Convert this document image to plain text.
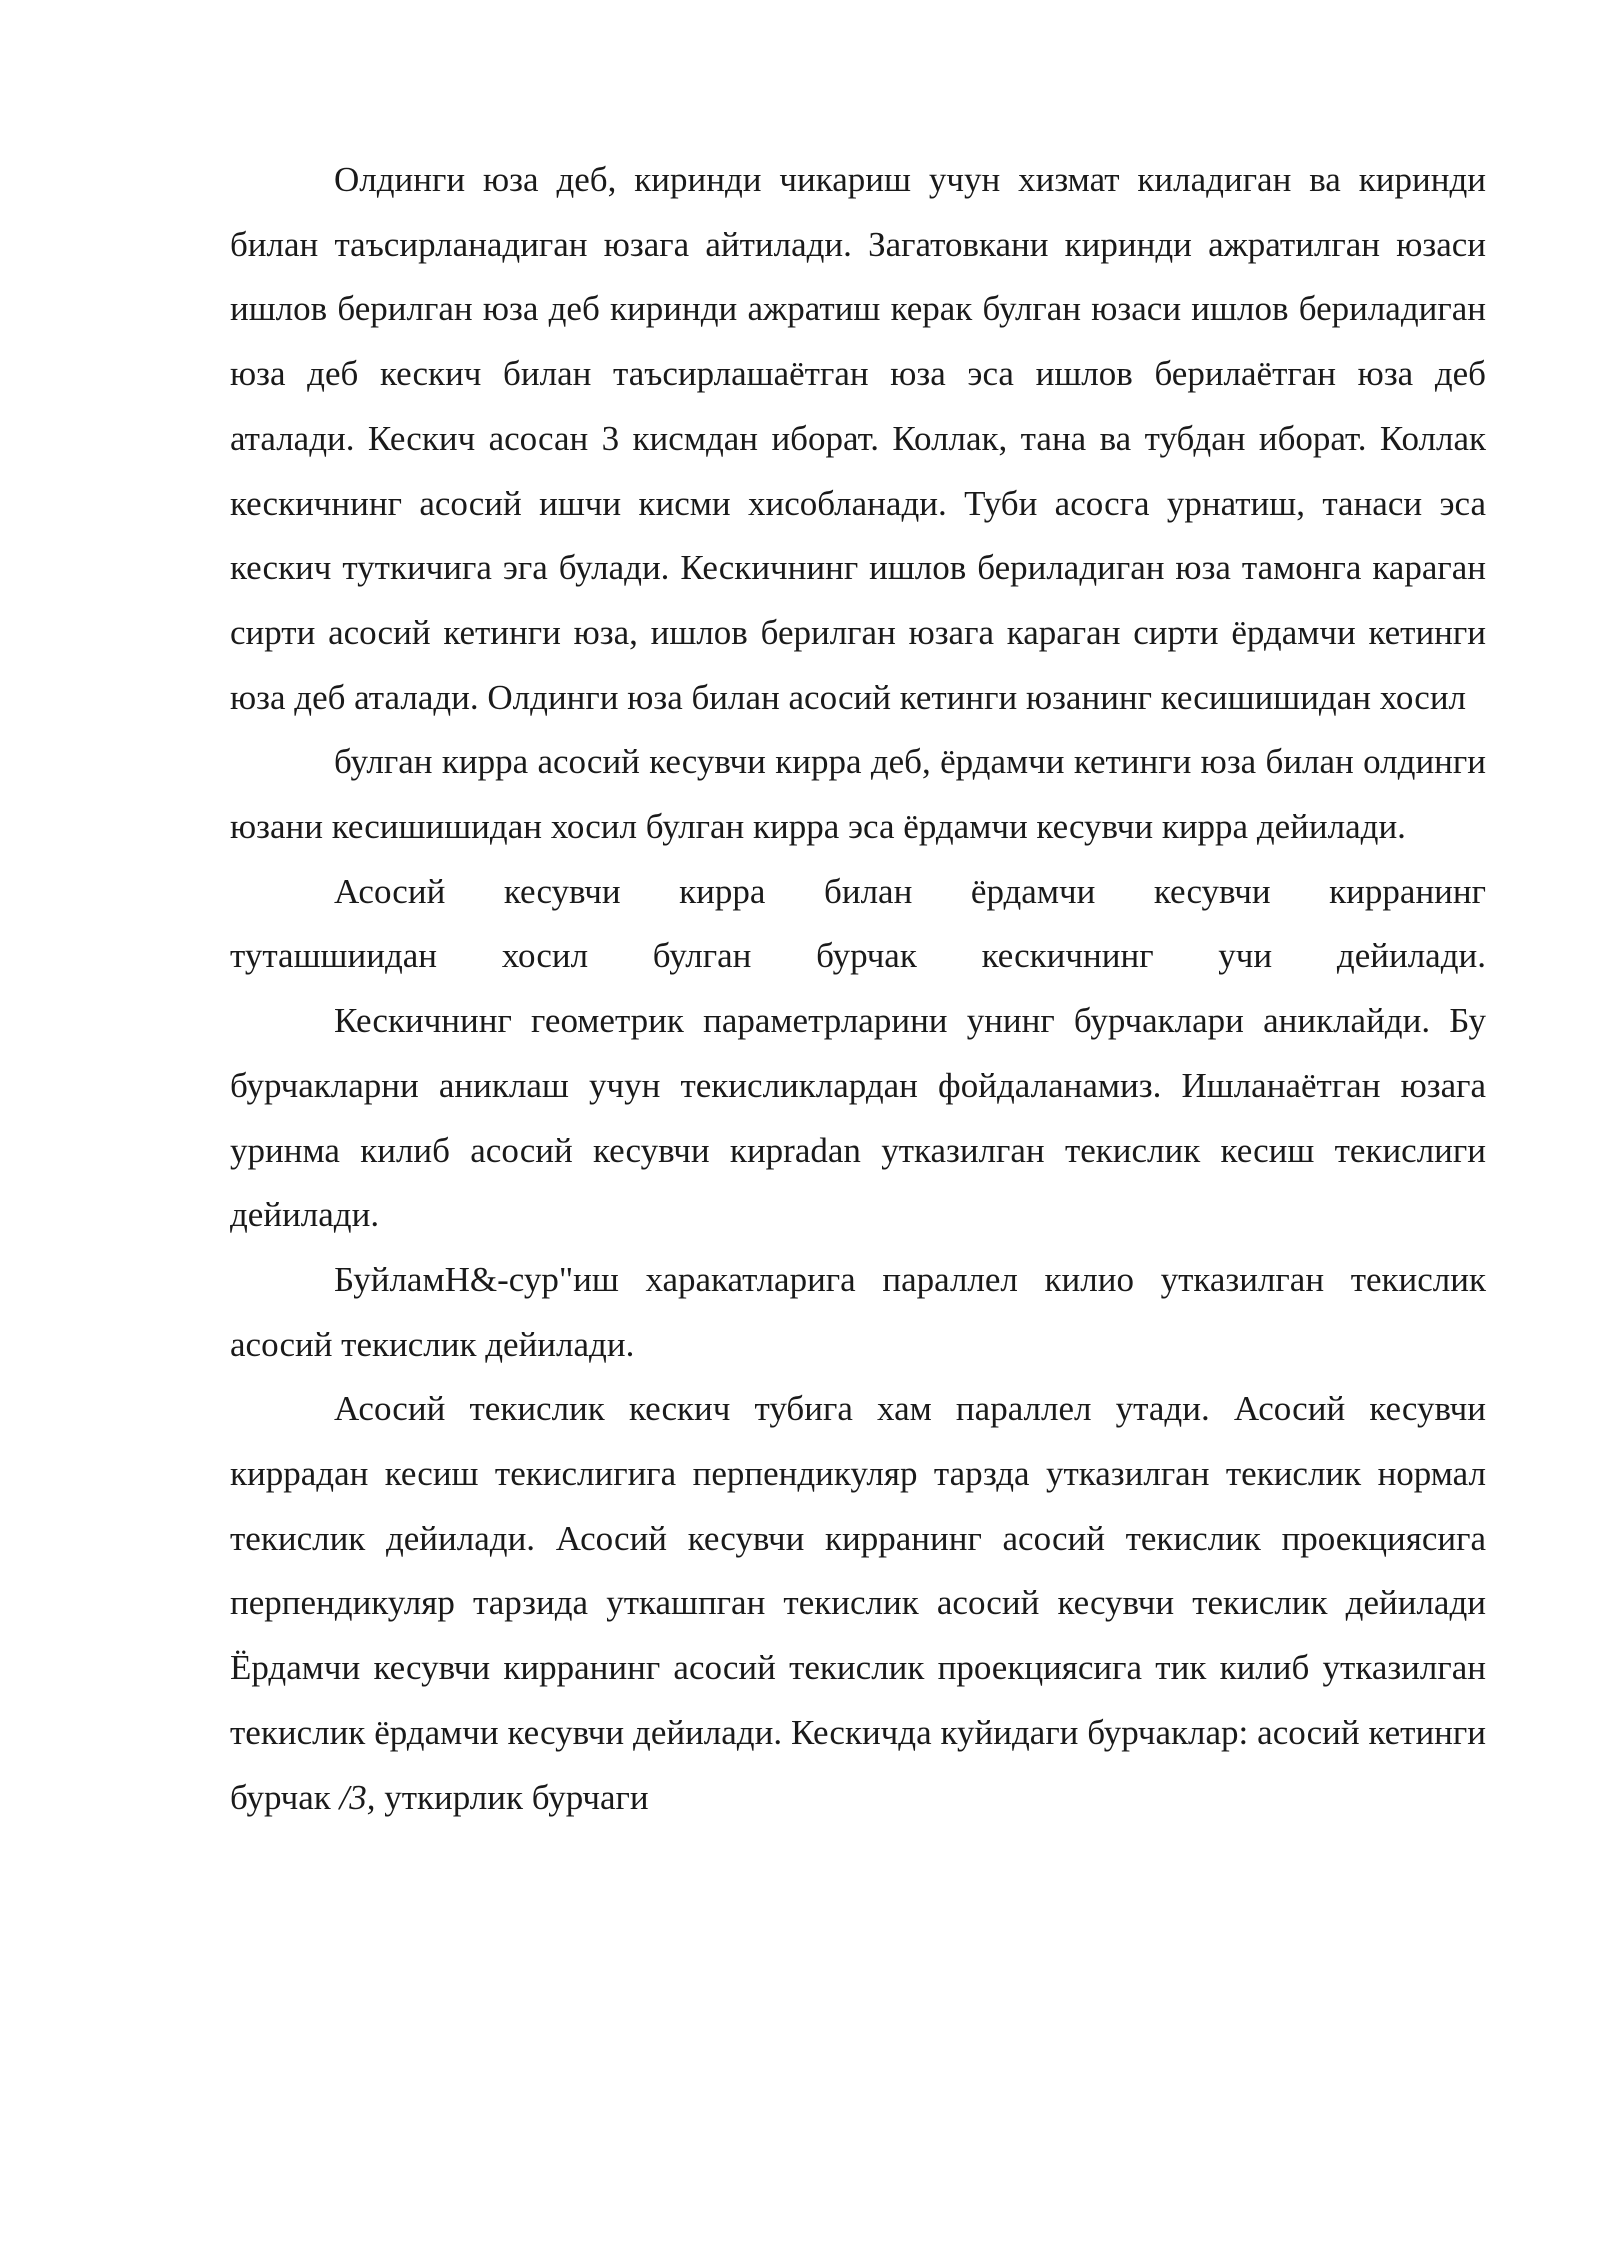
Олдинги юза деб, киринди чикариш учун хизмат киладиган ва киринди билан таъсирланадиган юзага айтилади. Загатовкани киринди ажратилган юзаси ишлов берилган юза деб киринди ажратиш керак булган юзаси ишлов бериладиган юза деб кескич билан таъсирлашаётган юза эса ишлов берилаётган юза деб аталади. Кескич асосан 3 кисмдан иборат. Коллак, тана ва тубдан иборат. Коллак кескичнинг асосий ишчи кисми хисобланади. Туби асосга урнатиш, танаси эса кескич туткичига эга булади. Кескичнинг ишлов бериладиган юза тамонга караган сирти асосий кетинги юза, ишлов берилган юзага караган сирти ёрдамчи кетинги юза деб аталади. Олдинги юза билан асосий кетинги юзанинг кесишишидан хосил

булган кирра асосий кесувчи кирра деб, ёрдамчи кетинги юза билан олдинги юзани кесишишидан хосил булган кирра эса ёрдамчи кесувчи кирра дейилади.

Асосий кесувчи кирра билан ёрдамчи кесувчи кирранинг
туташшиидан хосил булган бурчак кескичнинг учи дейилади.

Кескичнинг геометрик параметрларини унинг бурчаклари аниклайди. Бу бурчакларни аниклаш учун текисликлардан фойдаланамиз. Ишланаётган юзага уринма килиб асосий кесувчи кирradan утказилган текислик кесиш текислиги дейилади.

БуйламН&-сур"иш харакатларига параллел килио утказилган текислик асосий текислик дейилади.

Асосий текислик кескич тубига хам параллел утади. Асосий кесувчи киррадан кесиш текислигига перпендикуляр тарзда утказилган текислик нормал текислик дейилади. Асосий кесувчи кирранинг асосий текислик проекциясига перпендикуляр тарзида уткашпган текислик асосий кесувчи текислик дейилади Ёрдамчи кесувчи кирранинг асосий текислик проекциясига тик килиб утказилган текислик ёрдамчи кесувчи дейилади. Кескичда куйидаги бурчаклар: асосий кетинги бурчак /3, уткирлик бурчаги
